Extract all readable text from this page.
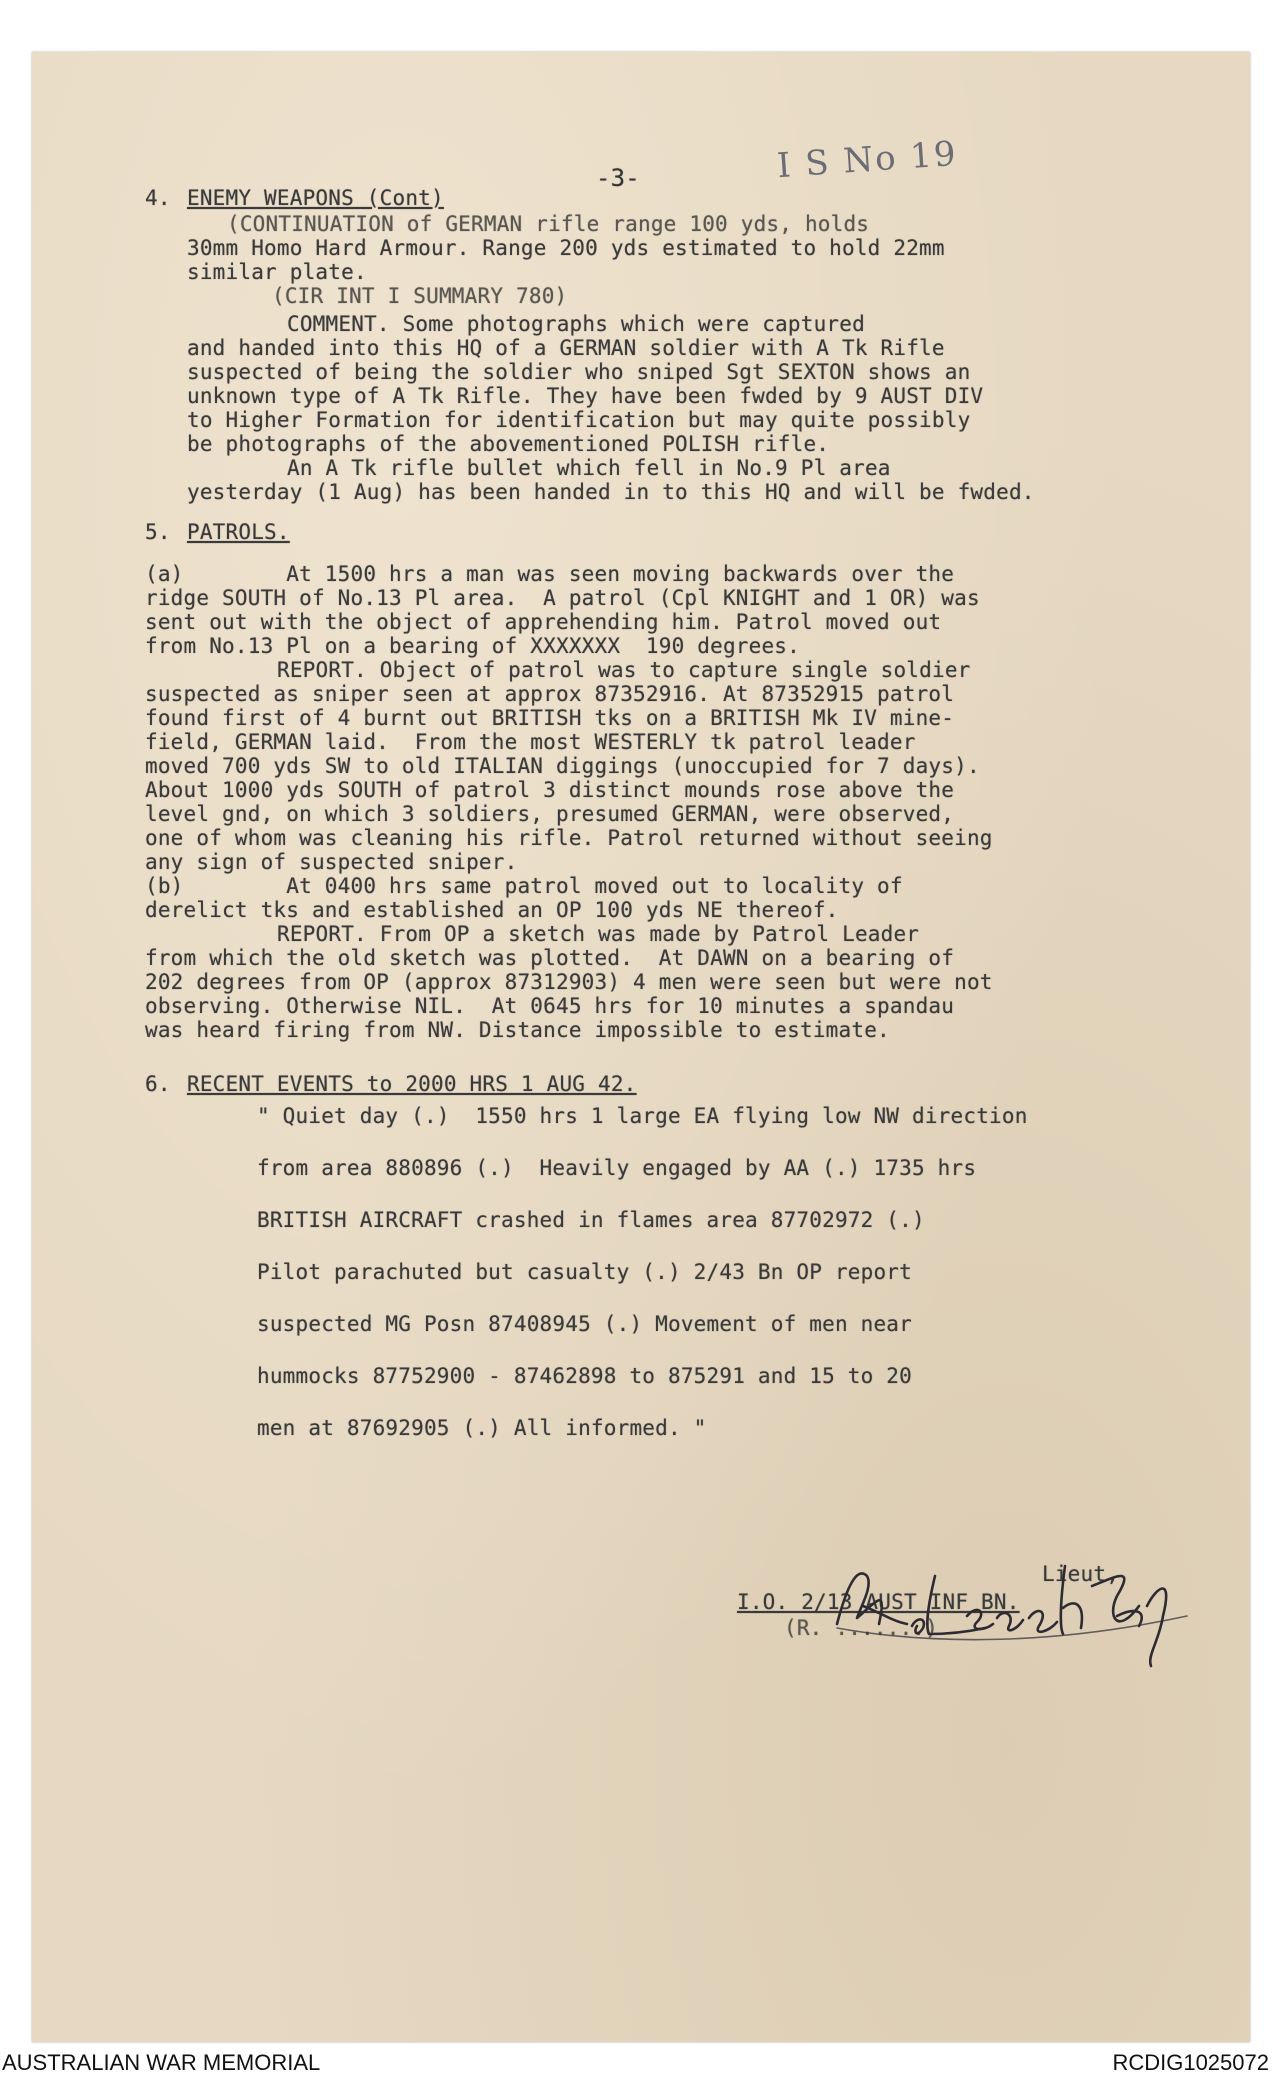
-3-	I S No 19
4. ENEMY WEAPONS (Cont)
(CONTINUATION of GERMAN rifle range 100 yds, holds
30mm Homo Hard Armour. Range 200 yds estimated to hold 22mm
similar plate.
(CIR INT I SUMMARY 780)
COMMENT. Some photographs which were captured
and handed into this HQ of a GERMAN soldier with A Tk Rifle
suspected of being the soldier who sniped Sgt SEXTON shows an
unknown type of A Tk Rifle. They have been fwded by 9 AUST DIV
to Higher Formation for identification but may quite possibly
be photographs of the abovementioned POLISH rifle.
An A Tk rifle bullet which fell in No.9 Pl area
yesterday (1 Aug) has been handed in to this HQ and will be fwded.
5. PATROLS.
(a)        At 1500 hrs a man was seen moving backwards over the
ridge SOUTH of No.13 Pl area.  A patrol (Cpl KNIGHT and 1 OR) was
sent out with the object of apprehending him. Patrol moved out
from No.13 Pl on a bearing of XXXXXXX  190 degrees.
REPORT. Object of patrol was to capture single soldier
suspected as sniper seen at approx 87352916. At 87352915 patrol
found first of 4 burnt out BRITISH tks on a BRITISH Mk IV mine-
field, GERMAN laid.  From the most WESTERLY tk patrol leader
moved 700 yds SW to old ITALIAN diggings (unoccupied for 7 days).
About 1000 yds SOUTH of patrol 3 distinct mounds rose above the
level gnd, on which 3 soldiers, presumed GERMAN, were observed,
one of whom was cleaning his rifle. Patrol returned without seeing
any sign of suspected sniper.
(b)        At 0400 hrs same patrol moved out to locality of
derelict tks and established an OP 100 yds NE thereof.
REPORT. From OP a sketch was made by Patrol Leader
from which the old sketch was plotted.  At DAWN on a bearing of
202 degrees from OP (approx 87312903) 4 men were seen but were not
observing. Otherwise NIL.  At 0645 hrs for 10 minutes a spandau
was heard firing from NW. Distance impossible to estimate.
6. RECENT EVENTS to 2000 HRS 1 AUG 42.
" Quiet day (.)  1550 hrs 1 large EA flying low NW direction
from area 880896 (.)  Heavily engaged by AA (.) 1735 hrs
BRITISH AIRCRAFT crashed in flames area 87702972 (.)
Pilot parachuted but casualty (.) 2/43 Bn OP report
suspected MG Posn 87408945 (.) Movement of men near
hummocks 87752900 - 87462898 to 875291 and 15 to 20
men at 87692905 (.) All informed. "
Lieut,
I.O. 2/13 AUST INF BN.
(R. .......)
AUSTRALIAN WAR MEMORIAL	RCDIG1025072
